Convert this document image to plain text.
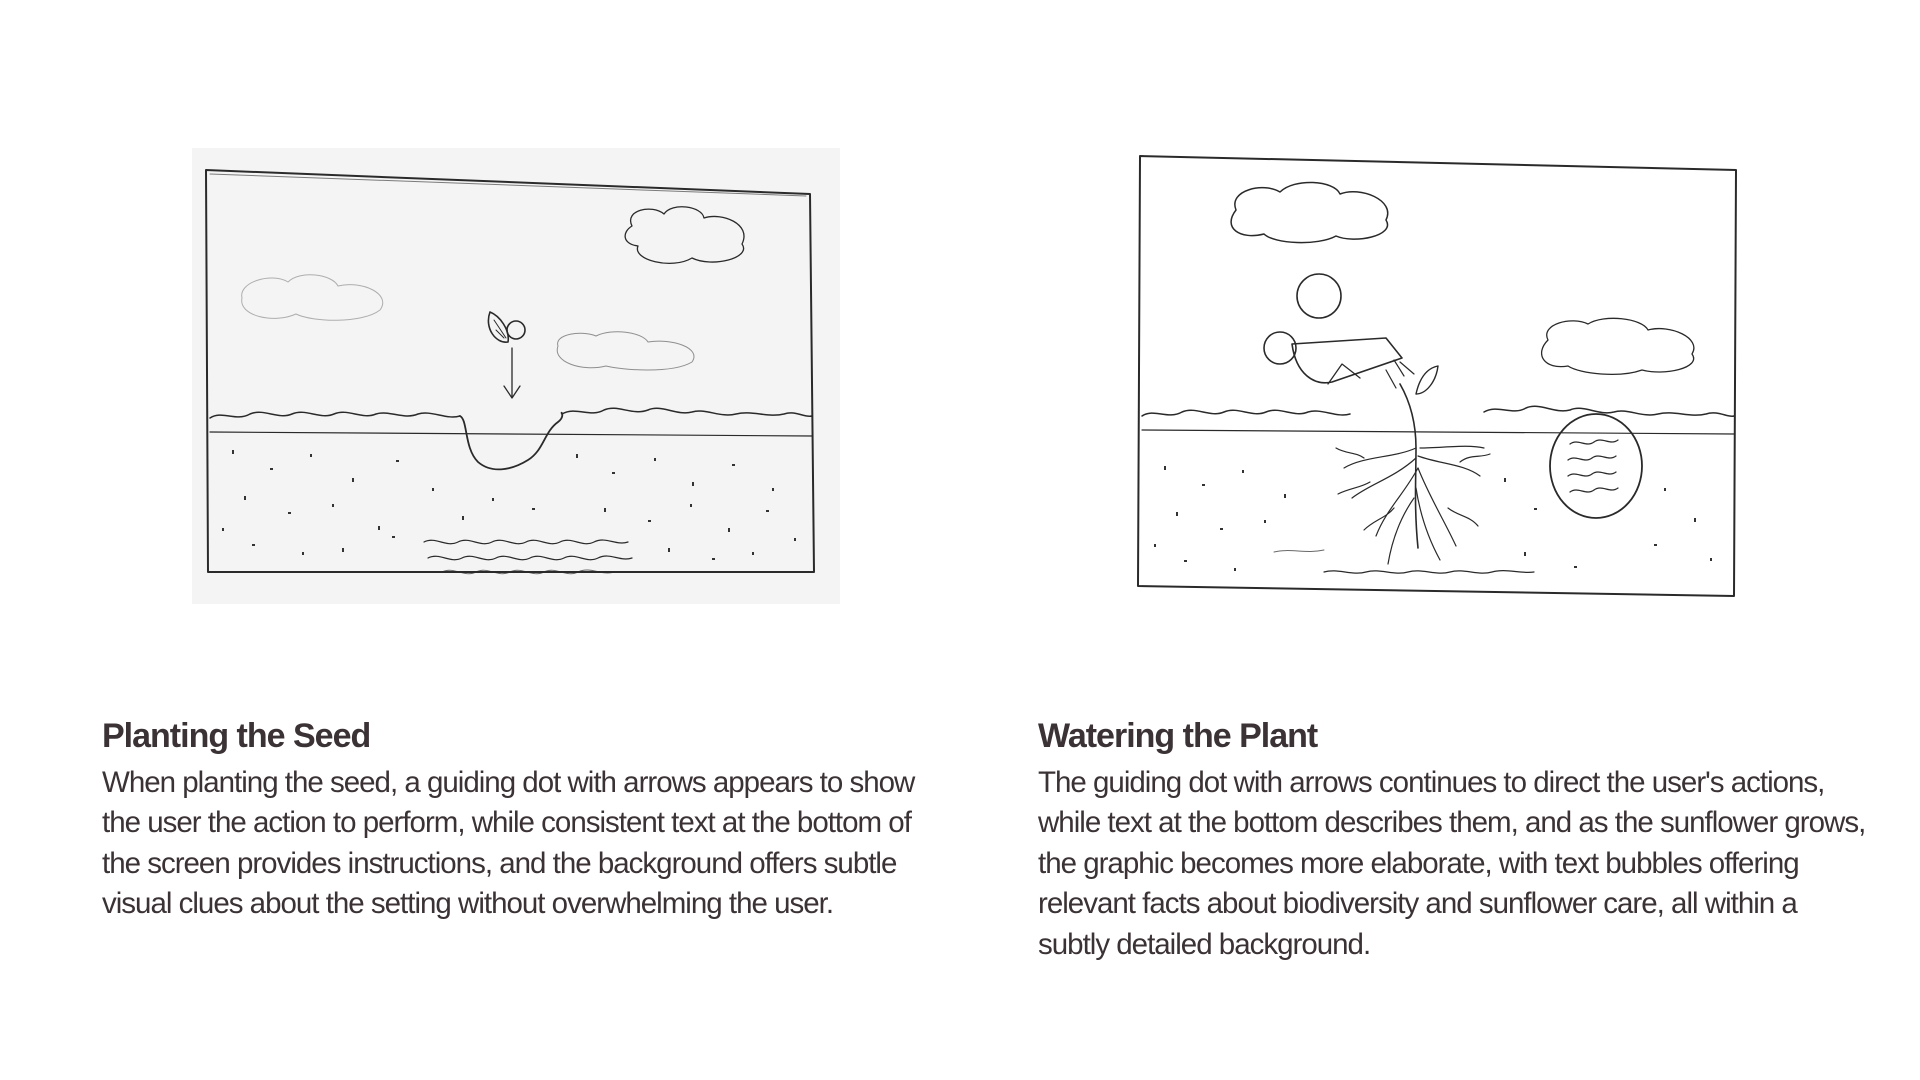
Planting the Seed

When planting the seed, a guiding dot with arrows appears to show the user the action to perform, while consistent text at the bottom of the screen provides instructions, and the background offers subtle visual clues about the setting without overwhelming the user.

Watering the Plant

The guiding dot with arrows continues to direct the user's actions, while text at the bottom describes them, and as the sunflower grows, the graphic becomes more elaborate, with text bubbles offering relevant facts about biodiversity and sunflower care, all within a subtly detailed background.
